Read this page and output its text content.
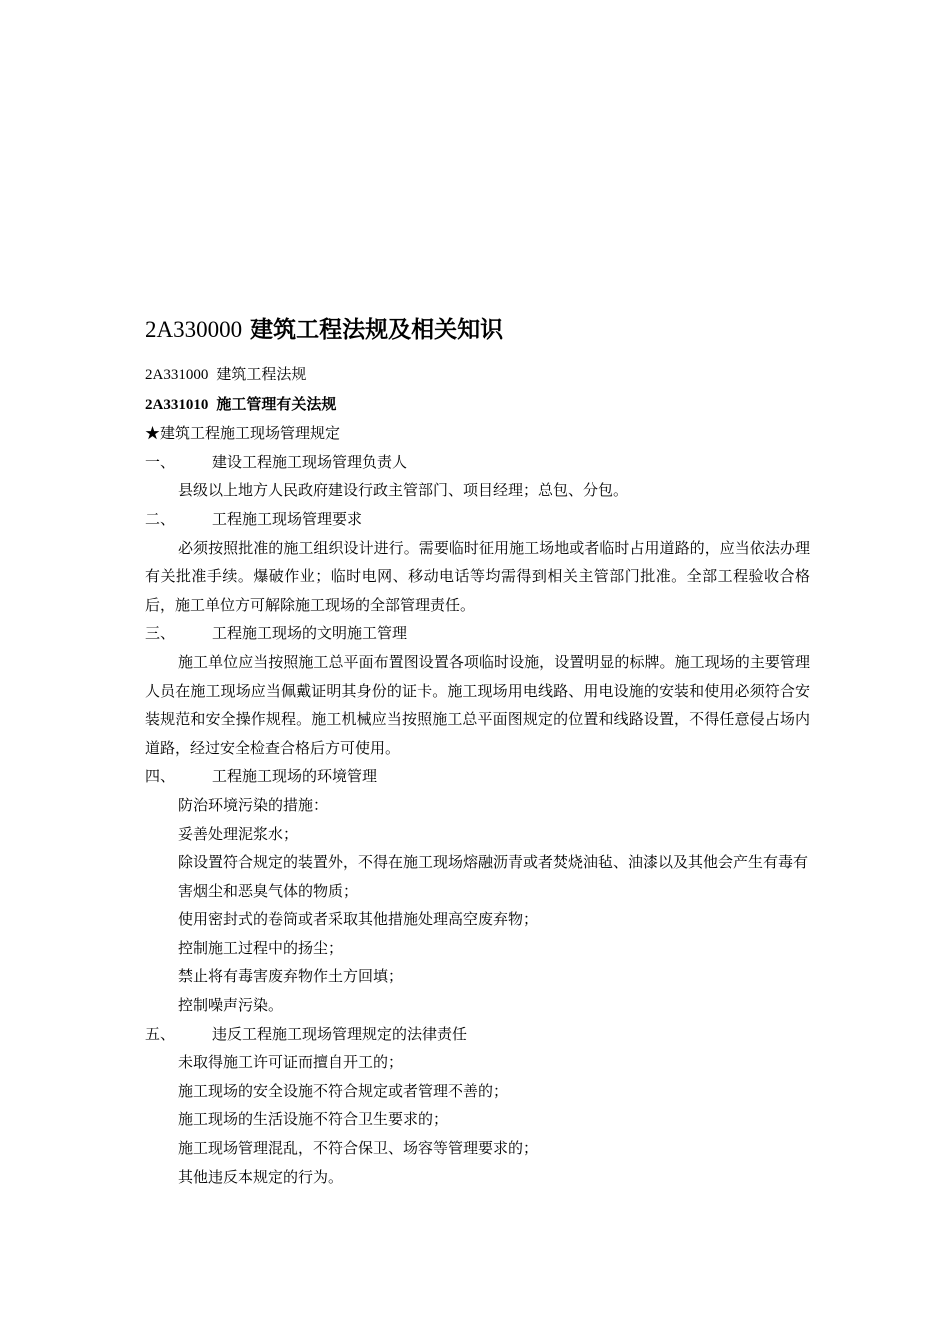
2A330000 建筑工程法规及相关知识

2A331000 建筑工程法规

2A331010 施工管理有关法规

★建筑工程施工现场管理规定

一、 建设工程施工现场管理负责人

县级以上地方人民政府建设行政主管部门、项目经理；总包、分包。

二、 工程施工现场管理要求

必须按照批准的施工组织设计进行。需要临时征用施工场地或者临时占用道路的，应当依法办理有关批准手续。爆破作业；临时电网、移动电话等均需得到相关主管部门批准。全部工程验收合格后，施工单位方可解除施工现场的全部管理责任。

三、 工程施工现场的文明施工管理

施工单位应当按照施工总平面布置图设置各项临时设施，设置明显的标牌。施工现场的主要管理人员在施工现场应当佩戴证明其身份的证卡。施工现场用电线路、用电设施的安装和使用必须符合安装规范和安全操作规程。施工机械应当按照施工总平面图规定的位置和线路设置，不得任意侵占场内道路，经过安全检查合格后方可使用。

四、 工程施工现场的环境管理

防治环境污染的措施：

妥善处理泥浆水；

除设置符合规定的装置外，不得在施工现场熔融沥青或者焚烧油毡、油漆以及其他会产生有毒有害烟尘和恶臭气体的物质；

使用密封式的卷筒或者采取其他措施处理高空废弃物；

控制施工过程中的扬尘；

禁止将有毒害废弃物作土方回填；

控制噪声污染。

五、 违反工程施工现场管理规定的法律责任

未取得施工许可证而擅自开工的；

施工现场的安全设施不符合规定或者管理不善的；

施工现场的生活设施不符合卫生要求的；

施工现场管理混乱，不符合保卫、场容等管理要求的；

其他违反本规定的行为。
